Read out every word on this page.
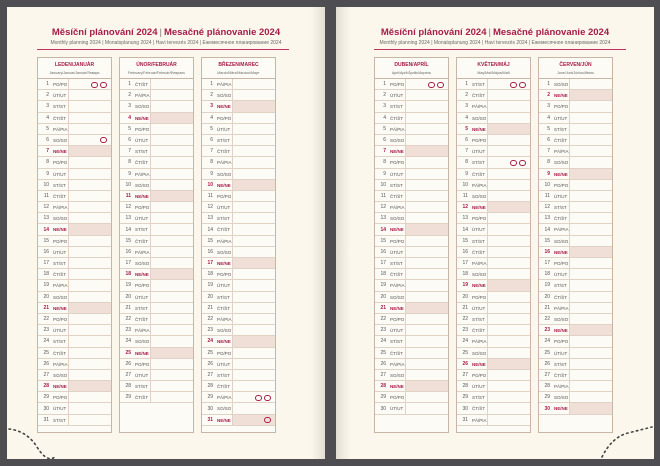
Měsíční plánování 2024 | Mesačné plánovanie 2024
Monthly planning 2024 | Monatsplanung 2024 | Havi tervezés 2024 | Ежемесячное планирование 2024
LEDEN/JANUÁR
January/Januar/Január/Январь
1 PO/PO
2 ÚT/UT
3 ST/ST
4 ČT/ŠT
5 PÁ/PIA
6 SO/SO
7 NE/NE
8 PO/PO
9 ÚT/UT
10 ST/ST
11 ČT/ŠT
12 PÁ/PIA
13 SO/SO
14 NE/NE
15 PO/PO
16 ÚT/UT
17 ST/ST
18 ČT/ŠT
19 PÁ/PIA
20 SO/SO
21 NE/NE
22 PO/PO
23 ÚT/UT
24 ST/ST
25 ČT/ŠT
26 PÁ/PIA
27 SO/SO
28 NE/NE
29 PO/PO
30 ÚT/UT
31 ST/ST
ÚNOR/FEBRUÁR
February/Februar/Február/Февраль
1 ČT/ŠT
2 PÁ/PIA
3 SO/SO
4 NE/NE
5 PO/PO
6 ÚT/UT
7 ST/ST
8 ČT/ŠT
9 PÁ/PIA
10 SO/SO
11 NE/NE
12 PO/PO
13 ÚT/UT
14 ST/ST
15 ČT/ŠT
16 PÁ/PIA
17 SO/SO
18 NE/NE
19 PO/PO
20 ÚT/UT
21 ST/ST
22 ČT/ŠT
23 PÁ/PIA
24 SO/SO
25 NE/NE
26 PO/PO
27 ÚT/UT
28 ST/ST
29 ČT/ŠT
BŘEZEN/MAREC
March/März/Március/Март
1 PÁ/PIA
2 SO/SO
3 NE/NE
4 PO/PO
5 ÚT/UT
6 ST/ST
7 ČT/ŠT
8 PÁ/PIA
9 SO/SO
10 NE/NE
11 PO/PO
12 ÚT/UT
13 ST/ST
14 ČT/ŠT
15 PÁ/PIA
16 SO/SO
17 NE/NE
18 PO/PO
19 ÚT/UT
20 ST/ST
21 ČT/ŠT
22 PÁ/PIA
23 SO/SO
24 NE/NE
25 PO/PO
26 ÚT/UT
27 ST/ST
28 ČT/ŠT
29 PÁ/PIA
30 SO/SO
31 NE/NE
Měsíční plánování 2024 | Mesačné plánovanie 2024
Monthly planning 2024 | Monatsplanung 2024 | Havi tervezés 2024 | Ежемесячное планирование 2024
DUBEN/APRÍL
April/April/Április/Апрель
1 PO/PO
2 ÚT/UT
3 ST/ST
4 ČT/ŠT
5 PÁ/PIA
6 SO/SO
7 NE/NE
8 PO/PO
9 ÚT/UT
10 ST/ST
11 ČT/ŠT
12 PÁ/PIA
13 SO/SO
14 NE/NE
15 PO/PO
16 ÚT/UT
17 ST/ST
18 ČT/ŠT
19 PÁ/PIA
20 SO/SO
21 NE/NE
22 PO/PO
23 ÚT/UT
24 ST/ST
25 ČT/ŠT
26 PÁ/PIA
27 SO/SO
28 NE/NE
29 PO/PO
30 ÚT/UT
KVĚTEN/MÁJ
May/Mai/Május/Май
1 ST/ST
2 ČT/ŠT
3 PÁ/PIA
4 SO/SO
5 NE/NE
6 PO/PO
7 ÚT/UT
8 ST/ST
9 ČT/ŠT
10 PÁ/PIA
11 SO/SO
12 NE/NE
13 PO/PO
14 ÚT/UT
15 ST/ST
16 ČT/ŠT
17 PÁ/PIA
18 SO/SO
19 NE/NE
20 PO/PO
21 ÚT/UT
22 ST/ST
23 ČT/ŠT
24 PÁ/PIA
25 SO/SO
26 NE/NE
27 PO/PO
28 ÚT/UT
29 ST/ST
30 ČT/ŠT
31 PÁ/PIA
ČERVEN/JÚN
June/Juni/Június/Июнь
1 SO/SO
2 NE/NE
3 PO/PO
4 ÚT/UT
5 ST/ST
6 ČT/ŠT
7 PÁ/PIA
8 SO/SO
9 NE/NE
10 PO/PO
11 ÚT/UT
12 ST/ST
13 ČT/ŠT
14 PÁ/PIA
15 SO/SO
16 NE/NE
17 PO/PO
18 ÚT/UT
19 ST/ST
20 ČT/ŠT
21 PÁ/PIA
22 SO/SO
23 NE/NE
24 PO/PO
25 ÚT/UT
26 ST/ST
27 ČT/ŠT
28 PÁ/PIA
29 SO/SO
30 NE/NE
